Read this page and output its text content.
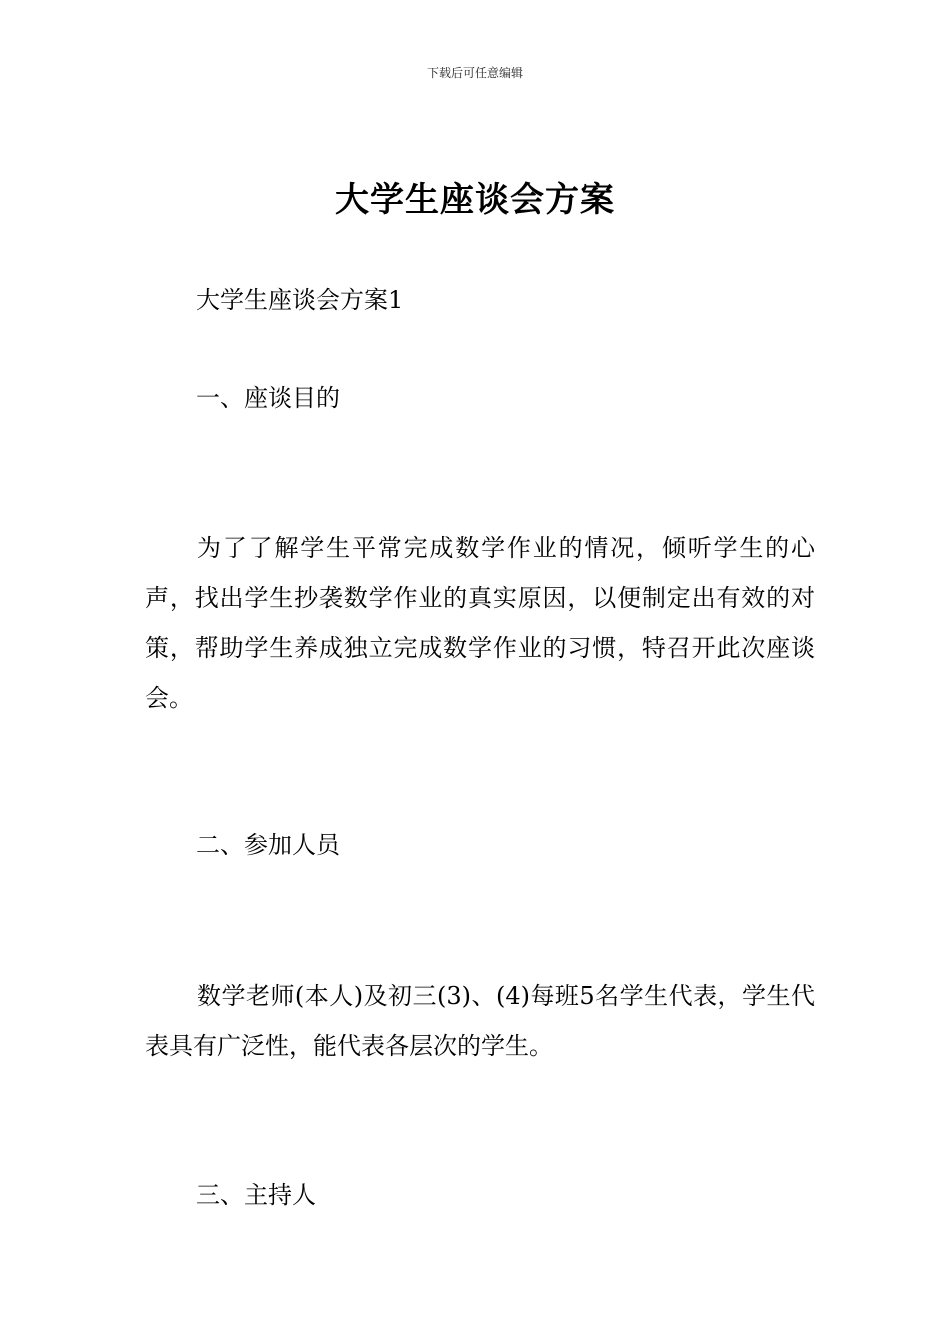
下载后可任意编辑
大学生座谈会方案
大学生座谈会方案1
一、座谈目的
为了了解学生平常完成数学作业的情况，倾听学生的心声，找出学生抄袭数学作业的真实原因，以便制定出有效的对策，帮助学生养成独立完成数学作业的习惯，特召开此次座谈会。
二、参加人员
数学老师(本人)及初三(3)、(4)每班5名学生代表，学生代表具有广泛性，能代表各层次的学生。
三、主持人
